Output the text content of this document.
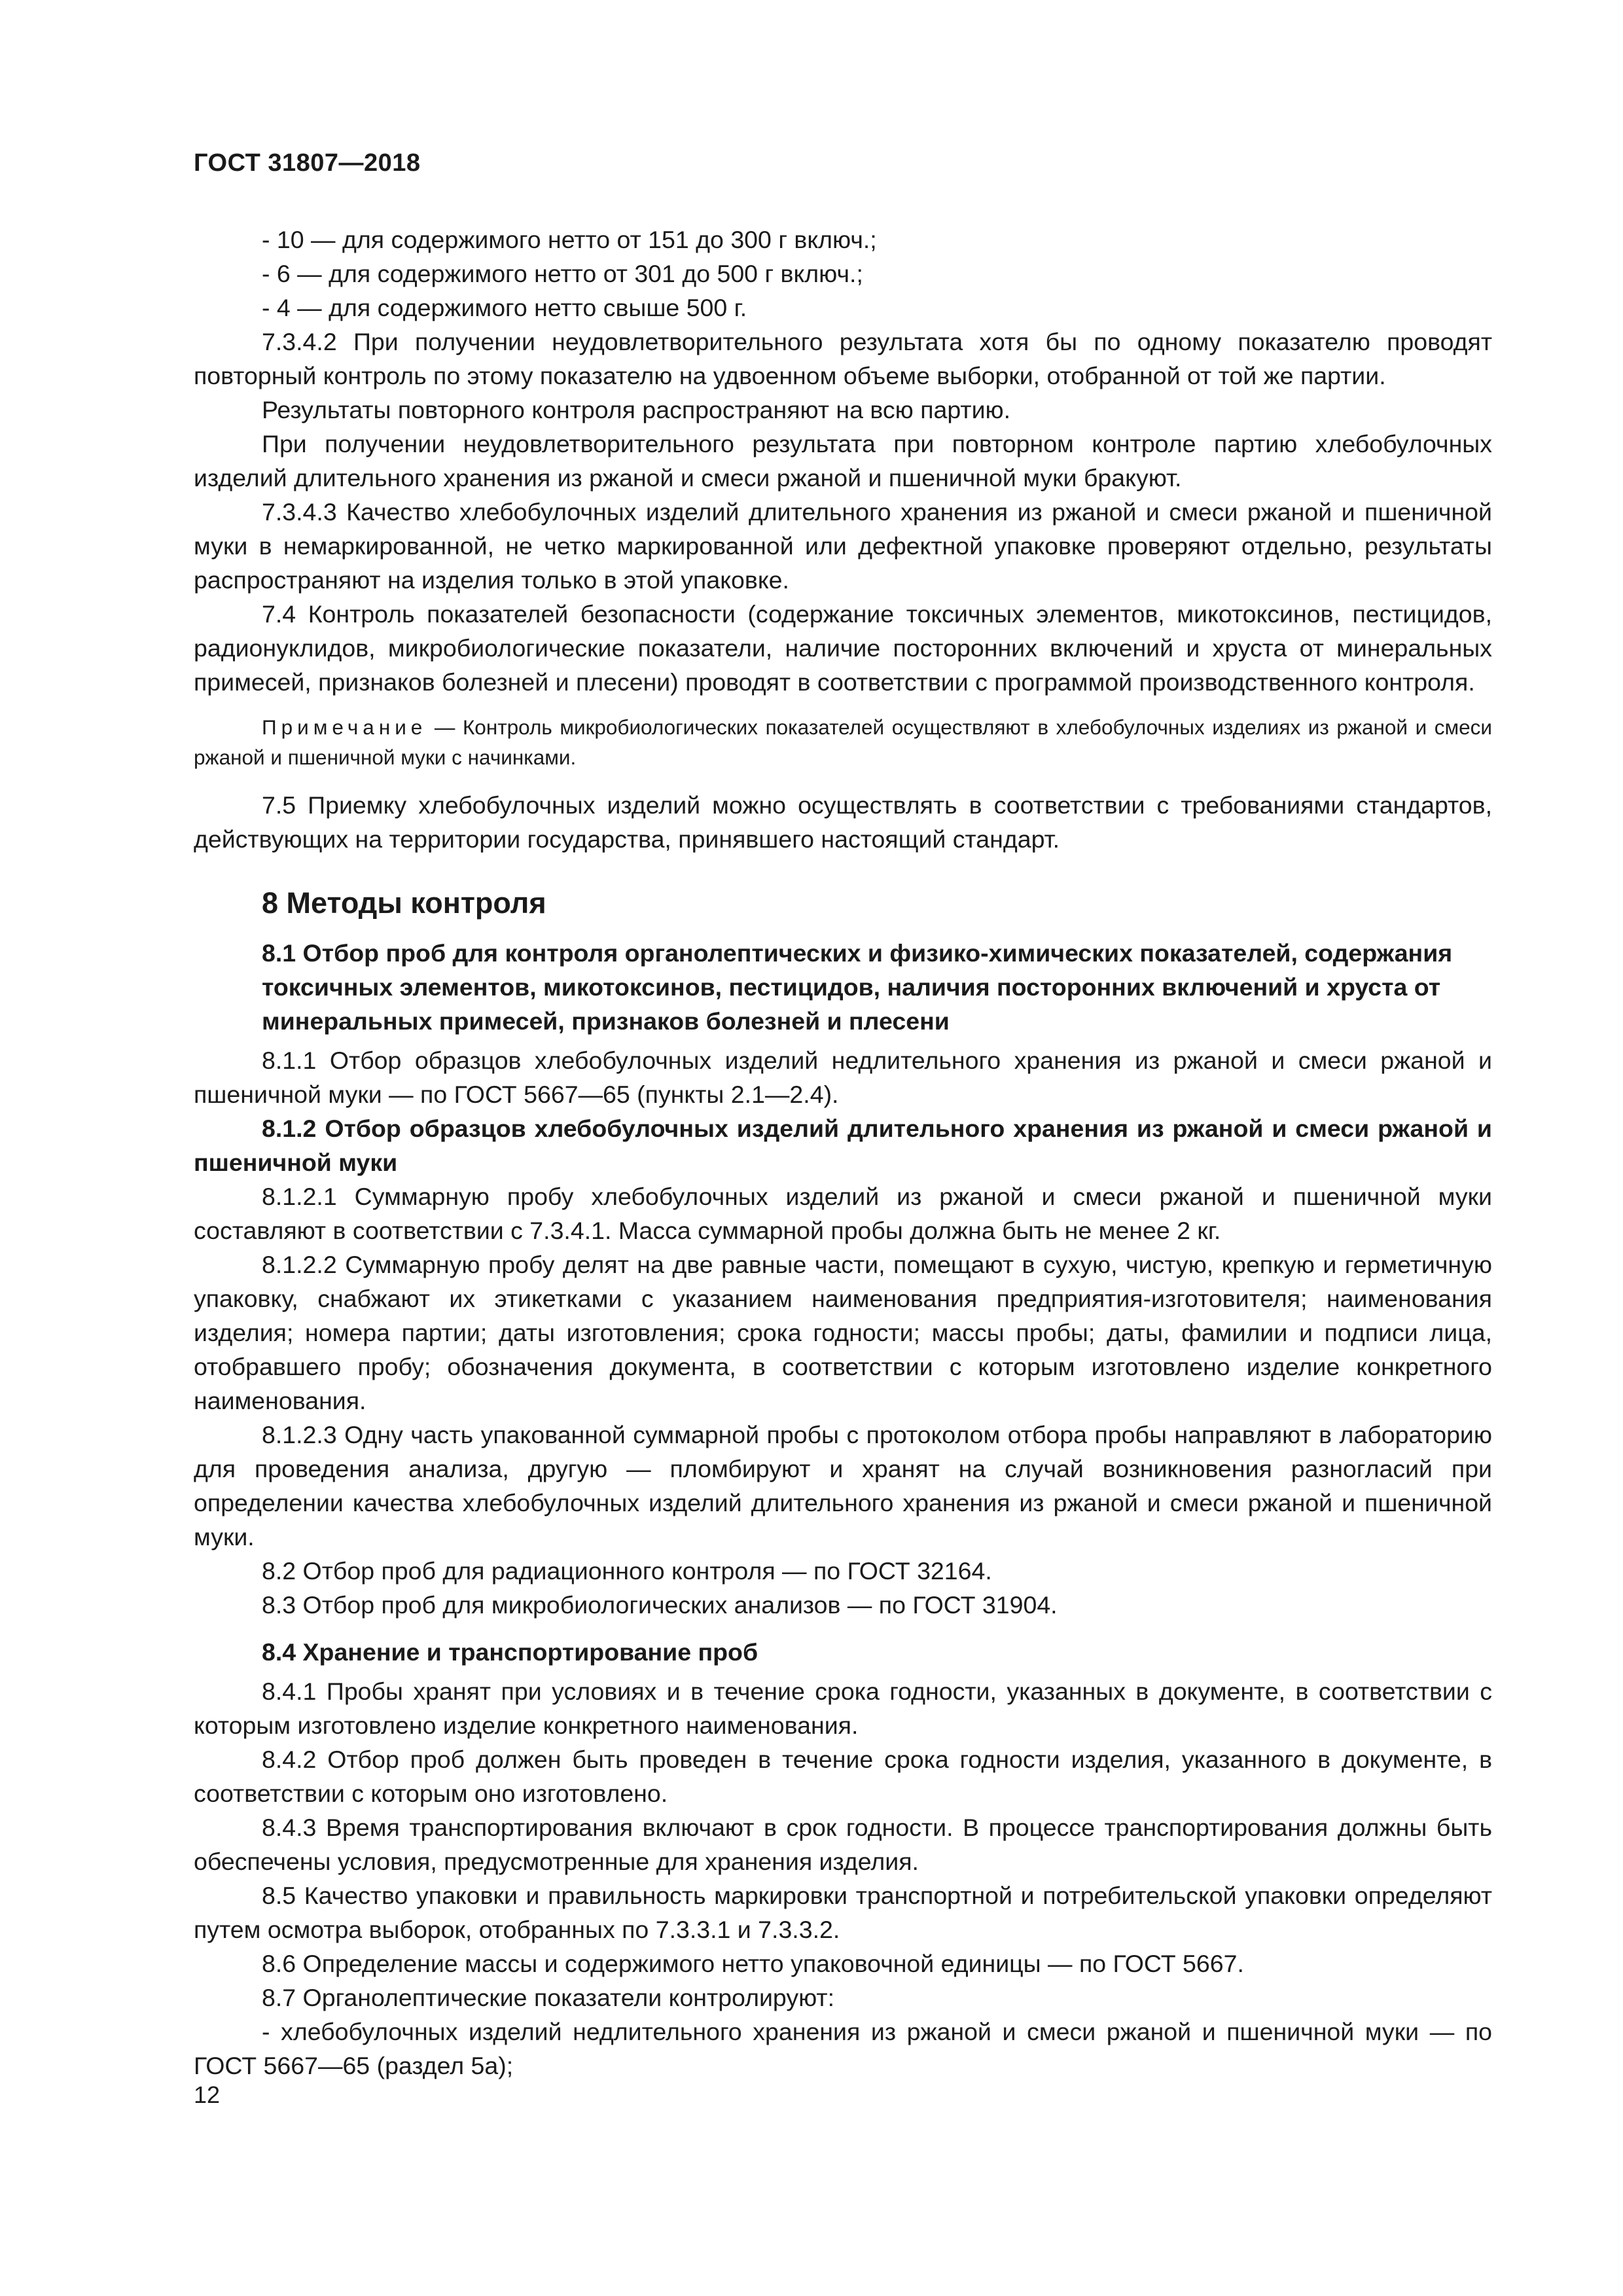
ГОСТ 31807—2018

- 10 — для содержимого нетто от 151 до 300 г включ.;

- 6 — для содержимого нетто от 301 до 500 г включ.;

- 4 — для содержимого нетто свыше 500 г.

7.3.4.2 При получении неудовлетворительного результата хотя бы по одному показателю проводят повторный контроль по этому показателю на удвоенном объеме выборки, отобранной от той же партии.

Результаты повторного контроля распространяют на всю партию.

При получении неудовлетворительного результата при повторном контроле партию хлебобулочных изделий длительного хранения из ржаной и смеси ржаной и пшеничной муки бракуют.

7.3.4.3 Качество хлебобулочных изделий длительного хранения из ржаной и смеси ржаной и пшеничной муки в немаркированной, не четко маркированной или дефектной упаковке проверяют отдельно, результаты распространяют на изделия только в этой упаковке.

7.4 Контроль показателей безопасности (содержание токсичных элементов, микотоксинов, пестицидов, радионуклидов, микробиологические показатели, наличие посторонних включений и хруста от минеральных примесей, признаков болезней и плесени) проводят в соответствии с программой производственного контроля.

Примечание — Контроль микробиологических показателей осуществляют в хлебобулочных изделиях из ржаной и смеси ржаной и пшеничной муки с начинками.

7.5 Приемку хлебобулочных изделий можно осуществлять в соответствии с требованиями стандартов, действующих на территории государства, принявшего настоящий стандарт.

8 Методы контроля

8.1 Отбор проб для контроля органолептических и физико-химических показателей, содержания токсичных элементов, микотоксинов, пестицидов, наличия посторонних включений и хруста от минеральных примесей, признаков болезней и плесени

8.1.1 Отбор образцов хлебобулочных изделий недлительного хранения из ржаной и смеси ржаной и пшеничной муки — по ГОСТ 5667—65 (пункты 2.1—2.4).

8.1.2 Отбор образцов хлебобулочных изделий длительного хранения из ржаной и смеси ржаной и пшеничной муки

8.1.2.1 Суммарную пробу хлебобулочных изделий из ржаной и смеси ржаной и пшеничной муки составляют в соответствии с 7.3.4.1. Масса суммарной пробы должна быть не менее 2 кг.

8.1.2.2 Суммарную пробу делят на две равные части, помещают в сухую, чистую, крепкую и герметичную упаковку, снабжают их этикетками с указанием наименования предприятия-изготовителя; наименования изделия; номера партии; даты изготовления; срока годности; массы пробы; даты, фамилии и подписи лица, отобравшего пробу; обозначения документа, в соответствии с которым изготовлено изделие конкретного наименования.

8.1.2.3 Одну часть упакованной суммарной пробы с протоколом отбора пробы направляют в лабораторию для проведения анализа, другую — пломбируют и хранят на случай возникновения разногласий при определении качества хлебобулочных изделий длительного хранения из ржаной и смеси ржаной и пшеничной муки.

8.2 Отбор проб для радиационного контроля — по ГОСТ 32164.

8.3 Отбор проб для микробиологических анализов — по ГОСТ 31904.

8.4 Хранение и транспортирование проб

8.4.1 Пробы хранят при условиях и в течение срока годности, указанных в документе, в соответствии с которым изготовлено изделие конкретного наименования.

8.4.2 Отбор проб должен быть проведен в течение срока годности изделия, указанного в документе, в соответствии с которым оно изготовлено.

8.4.3 Время транспортирования включают в срок годности. В процессе транспортирования должны быть обеспечены условия, предусмотренные для хранения изделия.

8.5 Качество упаковки и правильность маркировки транспортной и потребительской упаковки определяют путем осмотра выборок, отобранных по 7.3.3.1 и 7.3.3.2.

8.6 Определение массы и содержимого нетто упаковочной единицы — по ГОСТ 5667.

8.7 Органолептические показатели контролируют:

- хлебобулочных изделий недлительного хранения из ржаной и смеси ржаной и пшеничной муки — по ГОСТ 5667—65 (раздел 5а);

12
